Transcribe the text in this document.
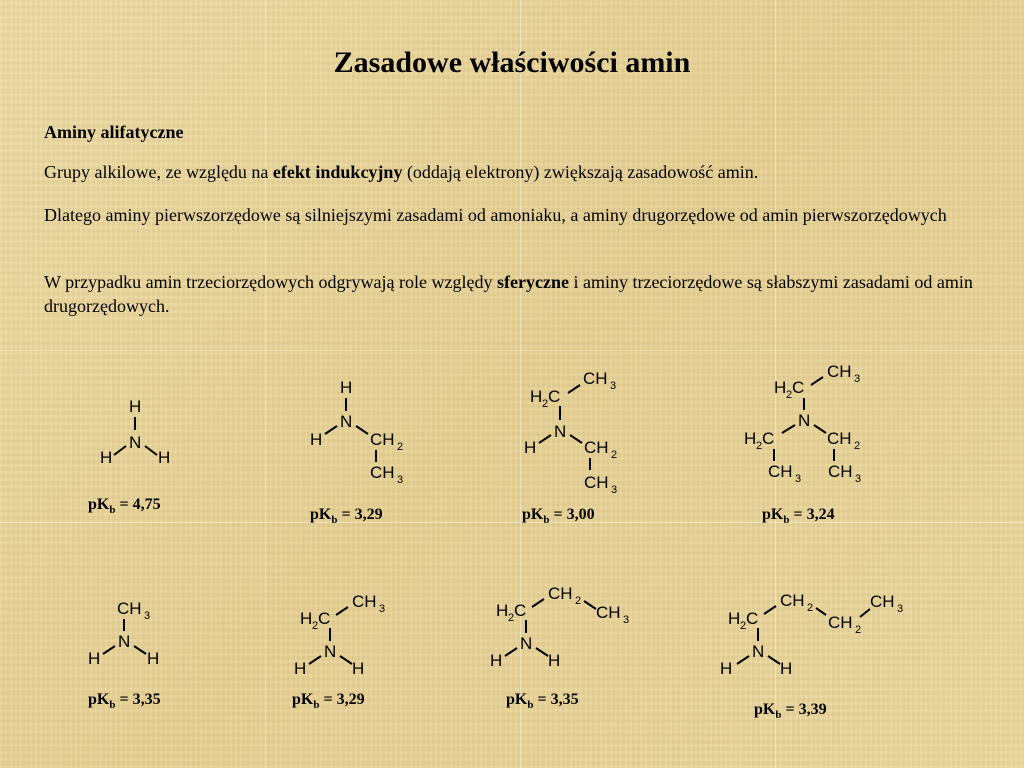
Zasadowe właściwości amin
Aminy alifatyczne
Grupy alkilowe, ze względu na efekt indukcyjny (oddają elektrony) zwiększają zasadowość amin.
Dlatego aminy pierwszorzędowe są silniejszymi zasadami od amoniaku, a aminy drugorzędowe od amin pierwszorzędowych
W przypadku amin trzeciorzędowych odgrywają role względy sferyczne i aminy trzeciorzędowe są słabszymi zasadami od amin drugorzędowych.
H
N
H	H
H
N
H	CH 2
CH 3
CH 3
H 2 C
N
H	CH 2
CH 3
CH 3
H 2 C
N
H 2 C	CH 2
CH 3 CH 3
CH 3
N
H	H
CH 3
H 2 C
N
H	H
CH 2
CH 3
H 2 C
N
H	H
CH 2
CH 2
CH 3
H 2 C
N
H	H
$pK_b = 4,75$
$pK_b = 3,29$	$pK_b = 3,00$	$pK_b = 3,24$
$pK_b = 3,35$	$pK_b = 3,29$	$pK_b = 3,35$
$pK_b = 3,39$
